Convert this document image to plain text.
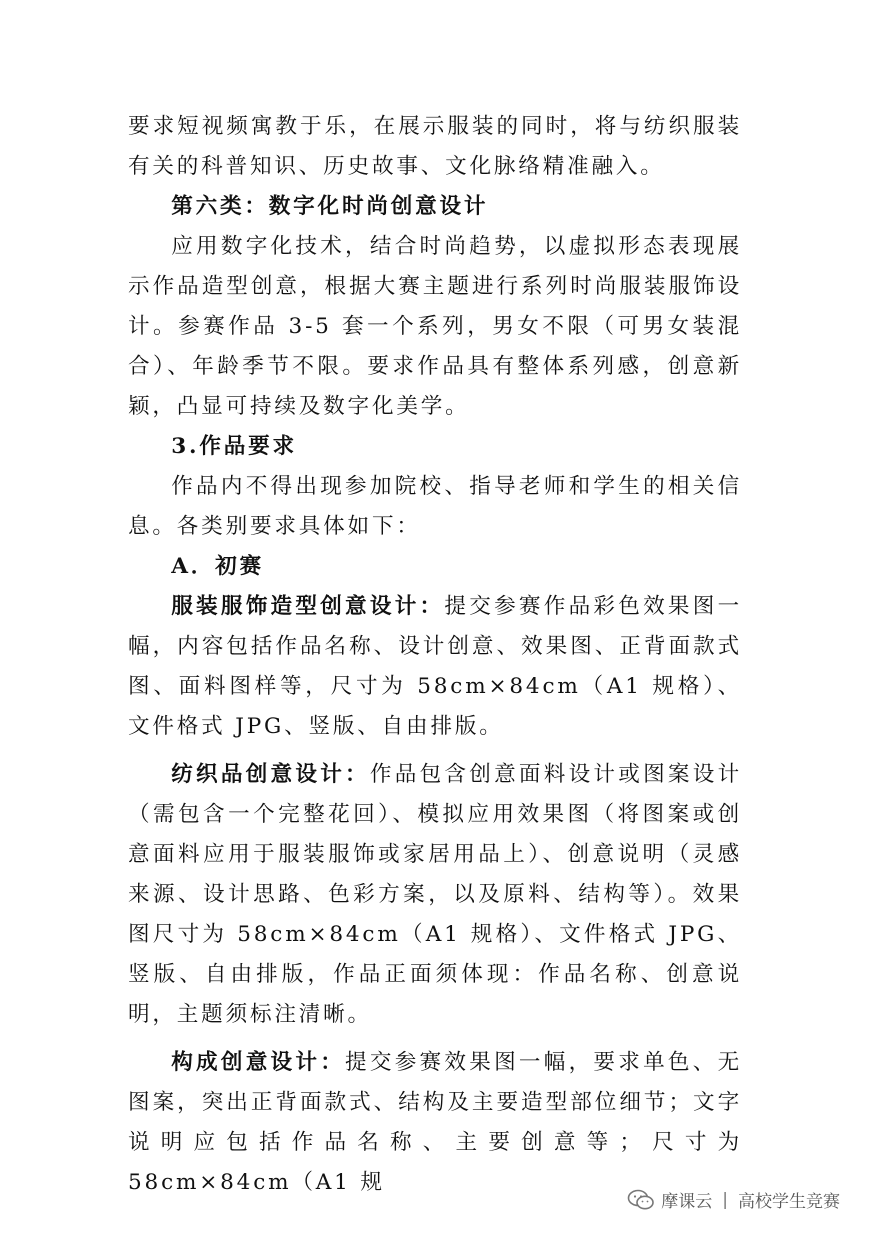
要求短视频寓教于乐，在展示服装的同时，将与纺织服装有关的科普知识、历史故事、文化脉络精准融入。

第六类：数字化时尚创意设计

应用数字化技术，结合时尚趋势，以虚拟形态表现展示作品造型创意，根据大赛主题进行系列时尚服装服饰设计。参赛作品 3-5 套一个系列，男女不限（可男女装混合）、年龄季节不限。要求作品具有整体系列感，创意新颖，凸显可持续及数字化美学。

3.作品要求

作品内不得出现参加院校、指导老师和学生的相关信息。各类别要求具体如下：

A．初赛

服装服饰造型创意设计：提交参赛作品彩色效果图一幅，内容包括作品名称、设计创意、效果图、正背面款式图、面料图样等，尺寸为 58cm×84cm（A1 规格）、文件格式 JPG、竖版、自由排版。

纺织品创意设计：作品包含创意面料设计或图案设计（需包含一个完整花回）、模拟应用效果图（将图案或创意面料应用于服装服饰或家居用品上）、创意说明（灵感来源、设计思路、色彩方案，以及原料、结构等）。效果图尺寸为 58cm×84cm（A1 规格）、文件格式 JPG、竖版、自由排版，作品正面须体现：作品名称、创意说明，主题须标注清晰。

构成创意设计：提交参赛效果图一幅，要求单色、无图案，突出正背面款式、结构及主要造型部位细节；文字说明应包括作品名称、主要创意等；尺寸为 58cm×84cm（A1 规

摩课云 | 高校学生竞赛
